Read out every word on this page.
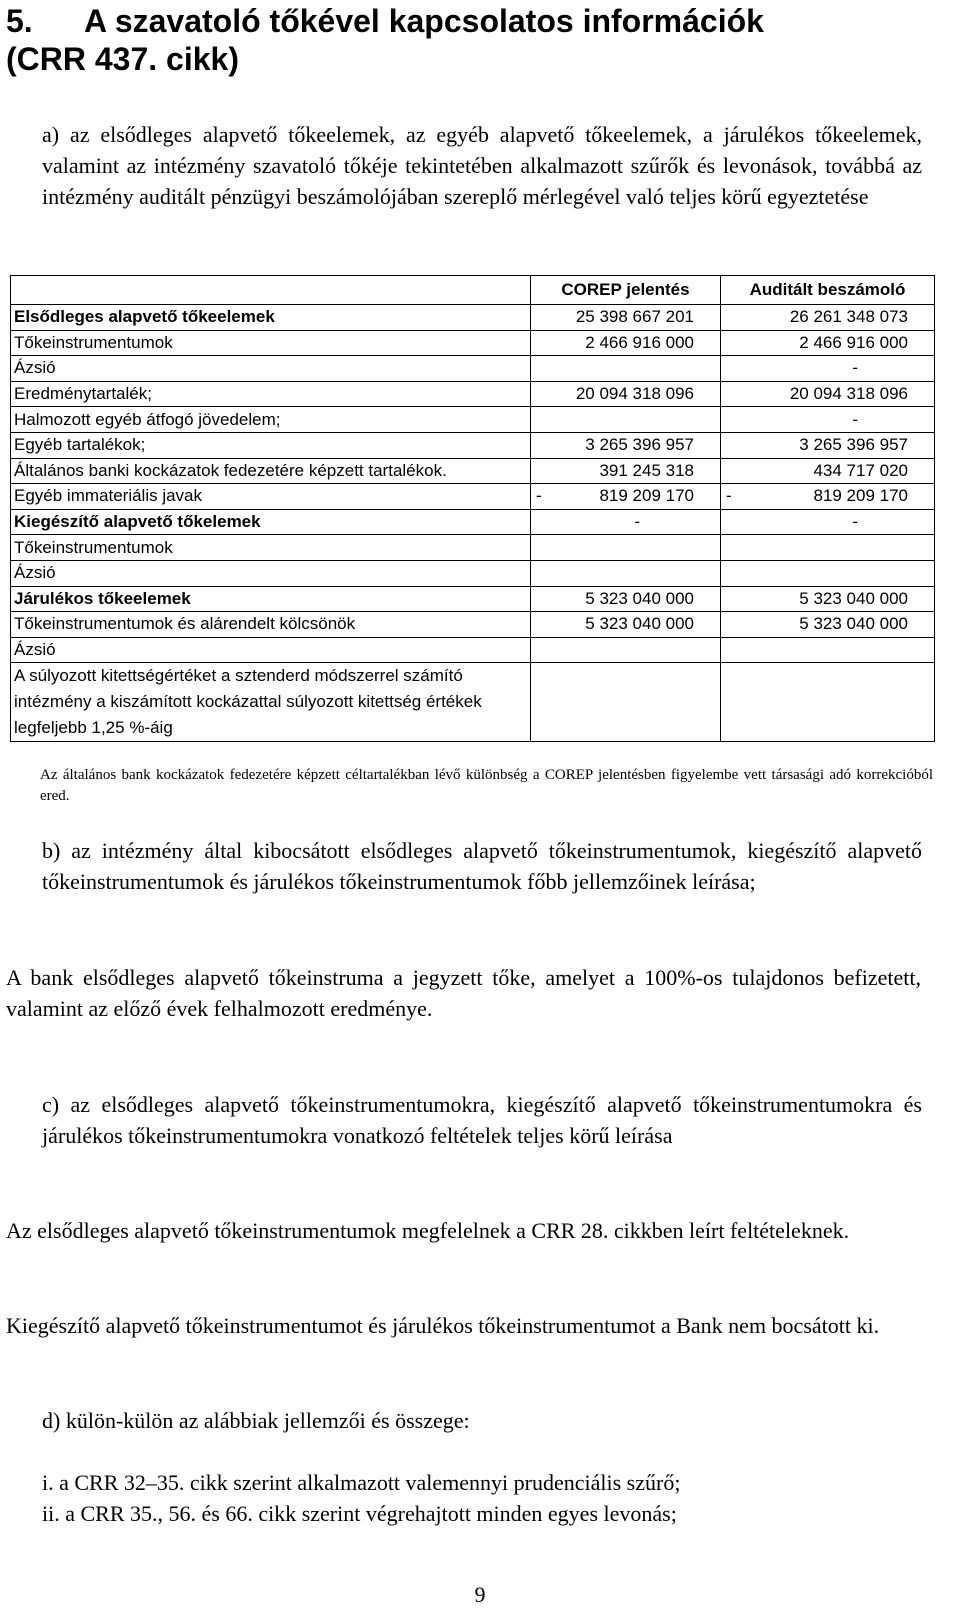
5. A szavatoló tőkével kapcsolatos információk
(CRR 437. cikk)

a) az elsődleges alapvető tőkeelemek, az egyéb alapvető tőkeelemek, a járulékos tőkeelemek, valamint az intézmény szavatoló tőkéje tekintetében alkalmazott szűrők és levonások, továbbá az intézmény auditált pénzügyi beszámolójában szereplő mérlegével való teljes körű egyeztetése

	COREP jelentés	Auditált beszámoló
Elsődleges alapvető tőkeelemek	25 398 667 201	26 261 348 073
Tőkeinstrumentumok	2 466 916 000	2 466 916 000
Ázsió		-
Eredménytartalék;	20 094 318 096	20 094 318 096
Halmozott egyéb átfogó jövedelem;		-
Egyéb tartalékok;	3 265 396 957	3 265 396 957
Általános banki kockázatok fedezetére képzett tartalékok.	391 245 318	434 717 020
Egyéb immateriális javak	- 819 209 170	- 819 209 170
Kiegészítő alapvető tőkelemek	-	-
Tőkeinstrumentumok		
Ázsió		
Járulékos tőkeelemek	5 323 040 000	5 323 040 000
Tőkeinstrumentumok és alárendelt kölcsönök	5 323 040 000	5 323 040 000
Ázsió		
A súlyozott kitettségértéket a sztenderd módszerrel számító intézmény a kiszámított kockázattal súlyozott kitettség értékek legfeljebb 1,25 %-áig		

Az általános bank kockázatok fedezetére képzett céltartalékban lévő különbség a COREP jelentésben figyelembe vett társasági adó korrekcióból ered.

b) az intézmény által kibocsátott elsődleges alapvető tőkeinstrumentumok, kiegészítő alapvető tőkeinstrumentumok és járulékos tőkeinstrumentumok főbb jellemzőinek leírása;

A bank elsődleges alapvető tőkeinstruma a jegyzett tőke, amelyet a 100%-os tulajdonos befizetett, valamint az előző évek felhalmozott eredménye.

c) az elsődleges alapvető tőkeinstrumentumokra, kiegészítő alapvető tőkeinstrumentumokra és járulékos tőkeinstrumentumokra vonatkozó feltételek teljes körű leírása

Az elsődleges alapvető tőkeinstrumentumok megfelelnek a CRR 28. cikkben leírt feltételeknek.

Kiegészítő alapvető tőkeinstrumentumot és járulékos tőkeinstrumentumot a Bank nem bocsátott ki.

d) külön-külön az alábbiak jellemzői és összege:

i. a CRR 32–35. cikk szerint alkalmazott valemennyi prudenciális szűrő;
ii. a CRR 35., 56. és 66. cikk szerint végrehajtott minden egyes levonás;
9
